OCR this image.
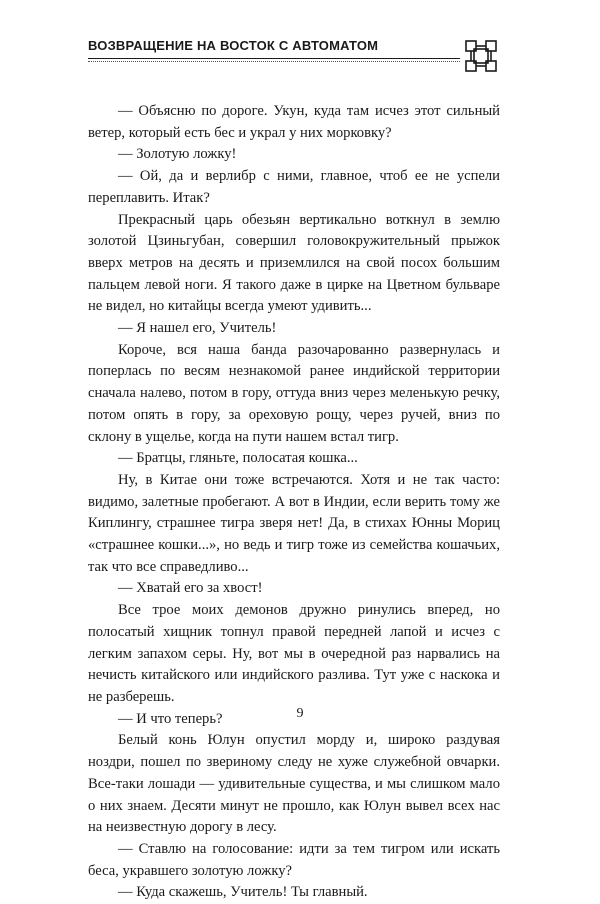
ВОЗВРАЩЕНИЕ НА ВОСТОК С АВТОМАТОМ

— Объясню по дороге. Укун, куда там исчез этот сильный ветер, который есть бес и украл у них морковку?

— Золотую ложку!

— Ой, да и верлибр с ними, главное, чтоб ее не успели переплавить. Итак?

Прекрасный царь обезьян вертикально воткнул в землю золотой Цзиньгубан, совершил головокружительный прыжок вверх метров на десять и приземлился на свой посох большим пальцем левой ноги. Я такого даже в цирке на Цветном бульваре не видел, но китайцы всегда умеют удивить...

— Я нашел его, Учитель!

Короче, вся наша банда разочарованно развернулась и поперлась по весям незнакомой ранее индийской территории сначала налево, потом в гору, оттуда вниз через меленькую речку, потом опять в гору, за ореховую рощу, через ручей, вниз по склону в ущелье, когда на пути нашем встал тигр.

— Братцы, гляньте, полосатая кошка...

Ну, в Китае они тоже встречаются. Хотя и не так часто: видимо, залетные пробегают. А вот в Индии, если верить тому же Киплингу, страшнее тигра зверя нет! Да, в стихах Юнны Мориц «страшнее кошки...», но ведь и тигр тоже из семейства кошачьих, так что все справедливо...

— Хватай его за хвост!

Все трое моих демонов дружно ринулись вперед, но полосатый хищник топнул правой передней лапой и исчез с легким запахом серы. Ну, вот мы в очередной раз нарвались на нечисть китайского или индийского разлива. Тут уже с наскока и не разберешь.

— И что теперь?

Белый конь Юлун опустил морду и, широко раздувая ноздри, пошел по звериному следу не хуже служебной овчарки. Все-таки лошади — удивительные существа, и мы слишком мало о них знаем. Десяти минут не прошло, как Юлун вывел всех нас на неизвестную дорогу в лесу.

— Ставлю на голосование: идти за тем тигром или искать беса, укравшего золотую ложку?

— Куда скажешь, Учитель! Ты главный.

9
